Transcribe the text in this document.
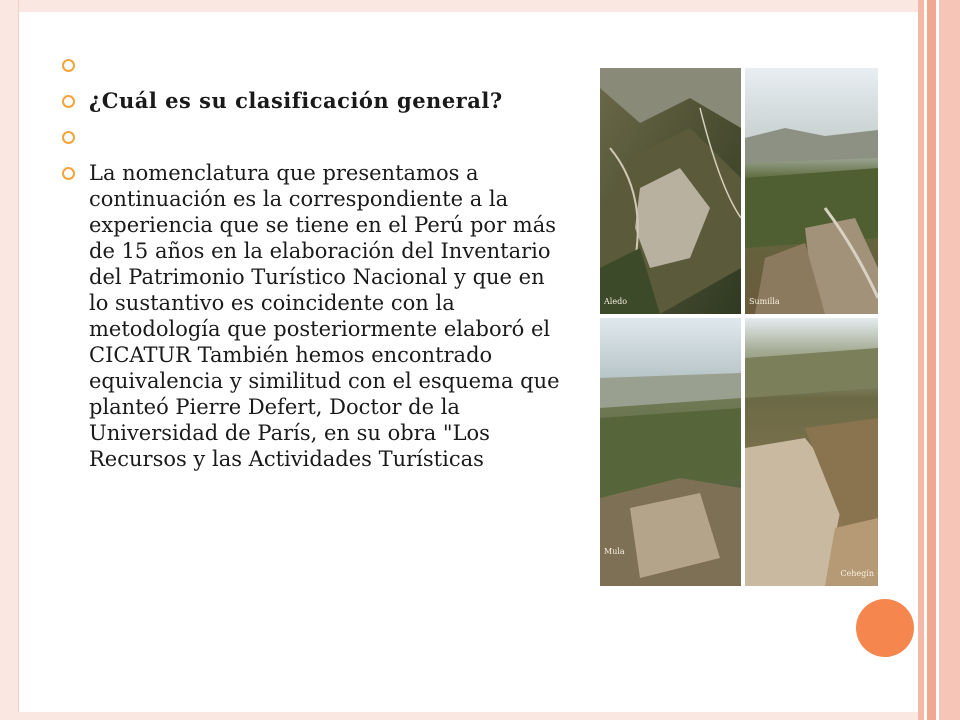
¿Cuál es su clasificación general?
La nomenclatura que presentamos a continuación es la correspondiente a la experiencia que se tiene en el Perú por más de 15 años en la elaboración del Inventario del Patrimonio Turístico Nacional y que en lo sustantivo es coincidente con la metodología que posteriormente elaboró el CICATUR También hemos encontrado equivalencia y similitud con el esquema que planteó Pierre Defert, Doctor de la Universidad de París, en su obra "Los Recursos y las Actividades Turísticas
Aledo	Sumilla
Mula
Cehegín
